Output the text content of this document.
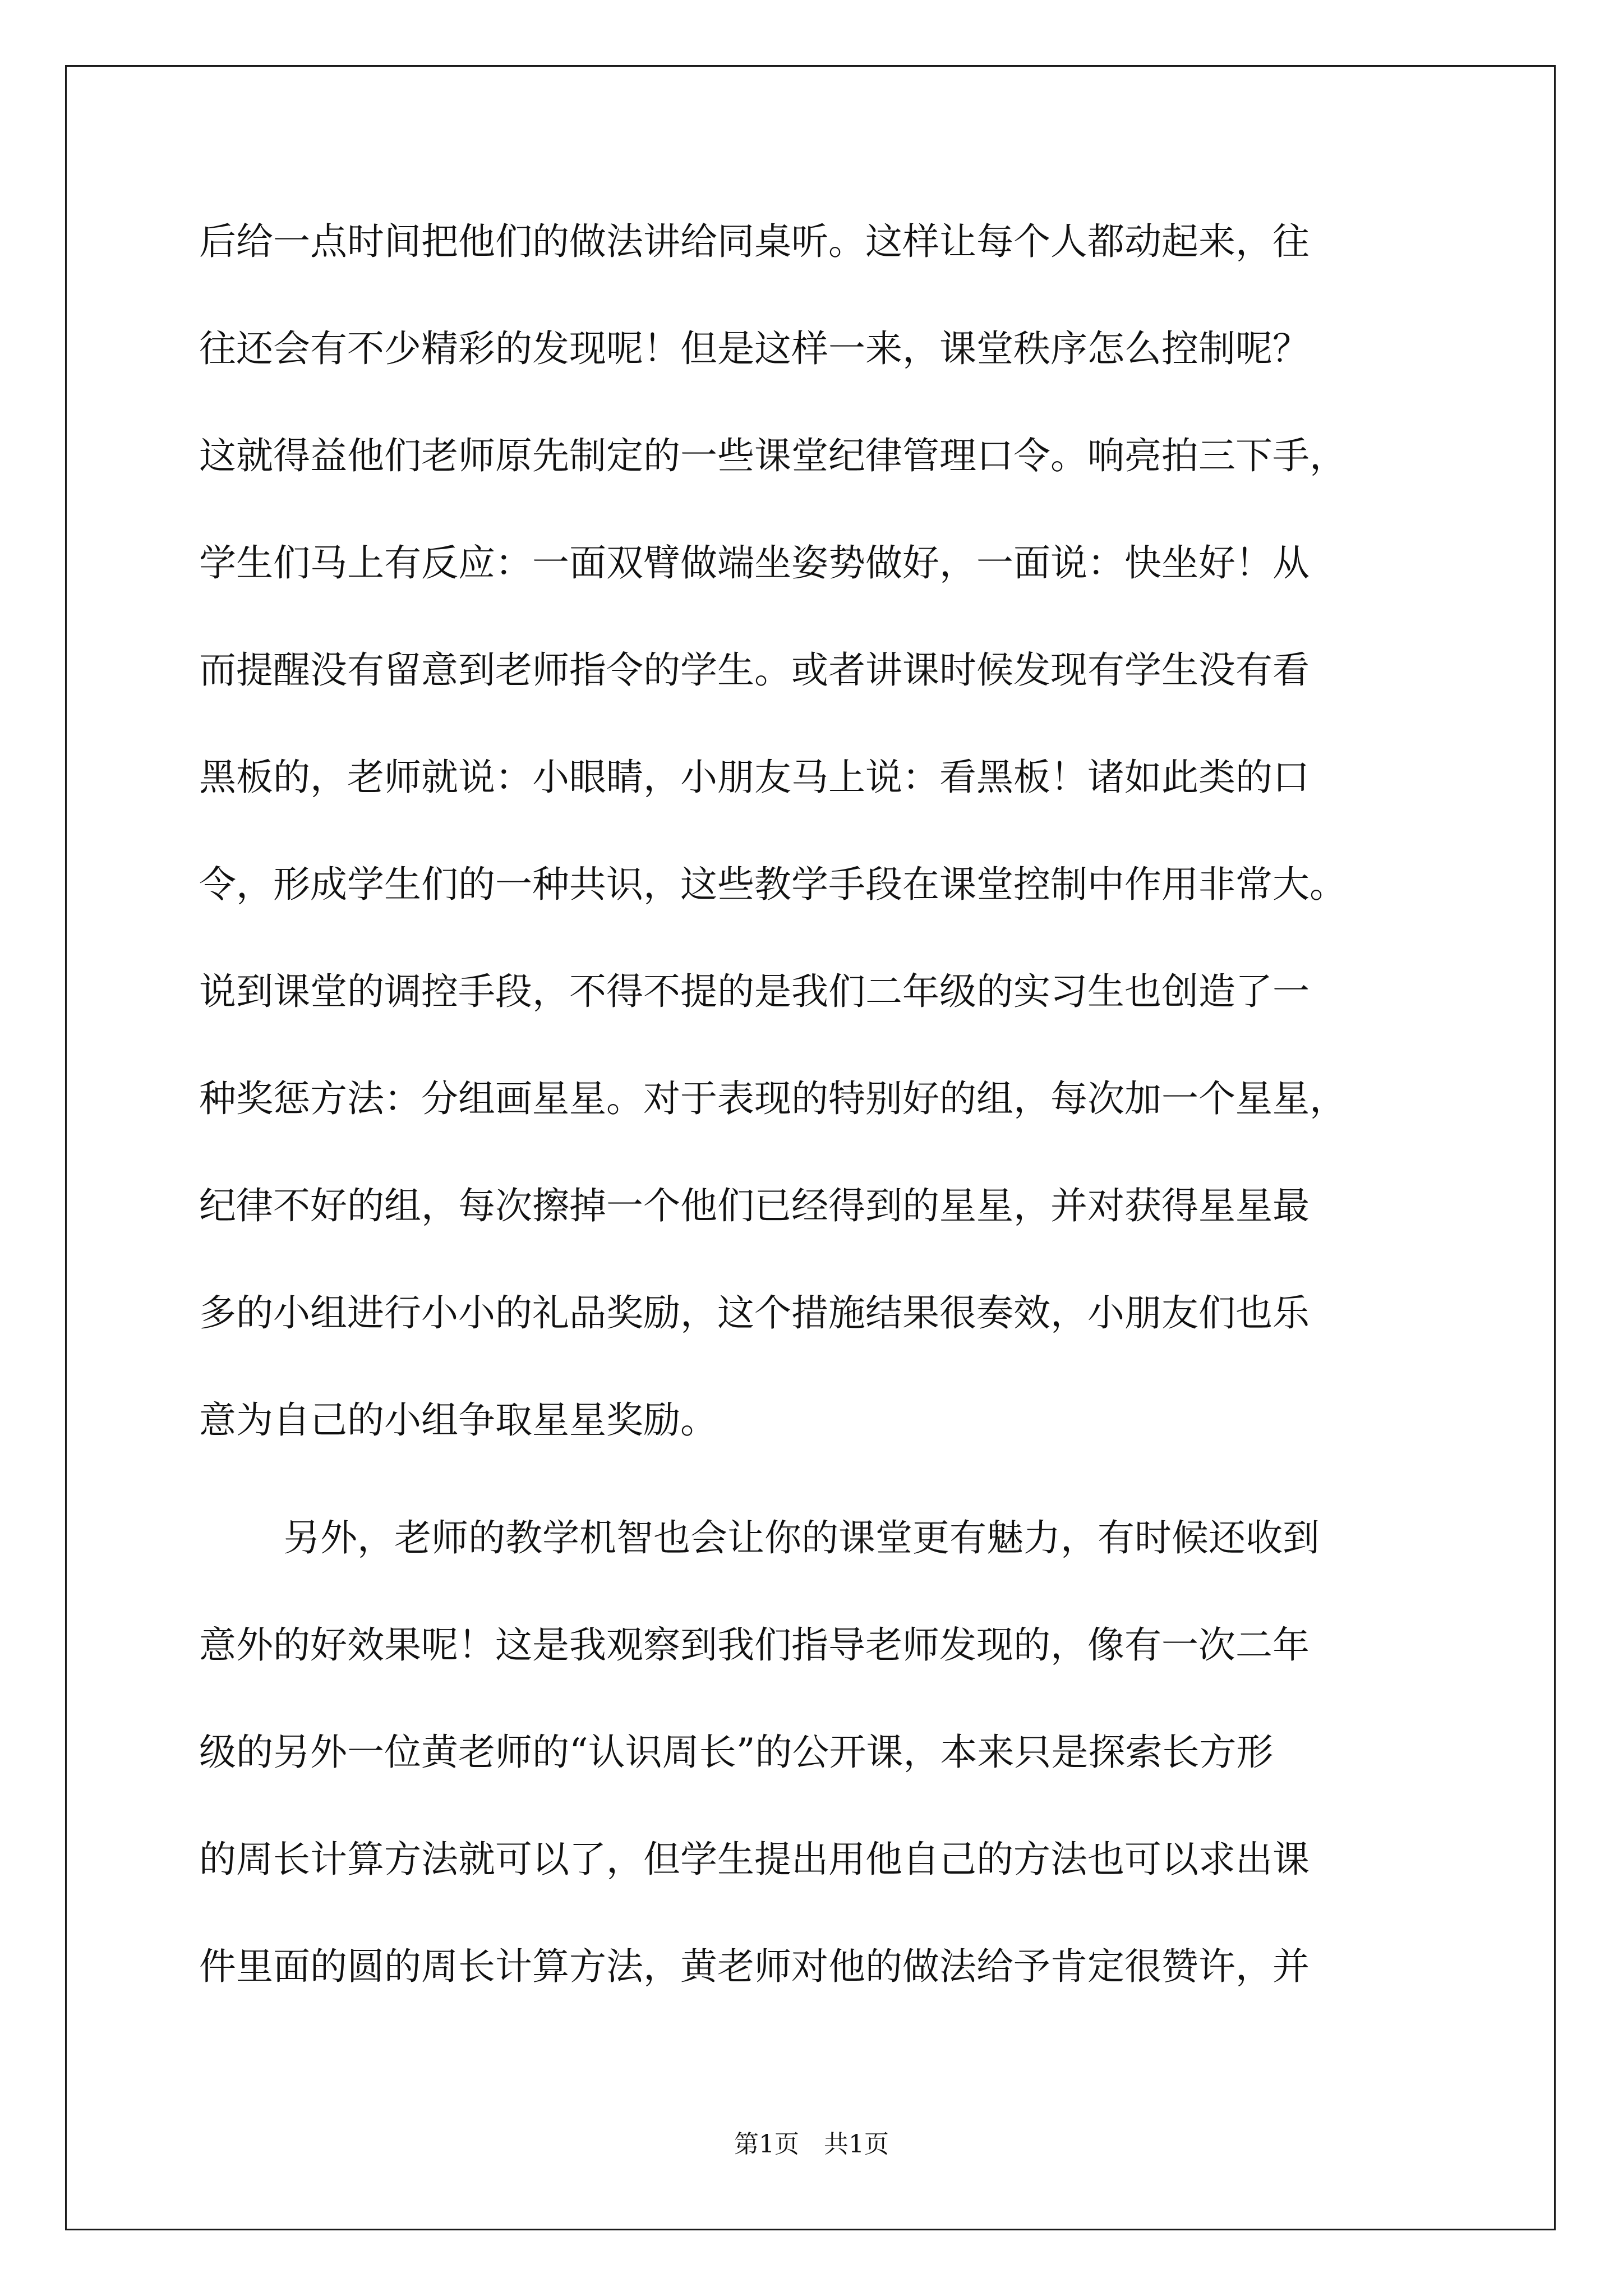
后给一点时间把他们的做法讲给同桌听。这样让每个人都动起来，往
往还会有不少精彩的发现呢！但是这样一来，课堂秩序怎么控制呢？
这就得益他们老师原先制定的一些课堂纪律管理口令。响亮拍三下手，
学生们马上有反应：一面双臂做端坐姿势做好，一面说：快坐好！从
而提醒没有留意到老师指令的学生。或者讲课时候发现有学生没有看
黑板的，老师就说：小眼睛，小朋友马上说：看黑板！诸如此类的口
令，形成学生们的一种共识，这些教学手段在课堂控制中作用非常大。
说到课堂的调控手段，不得不提的是我们二年级的实习生也创造了一
种奖惩方法：分组画星星。对于表现的特别好的组，每次加一个星星，
纪律不好的组，每次擦掉一个他们已经得到的星星，并对获得星星最
多的小组进行小小的礼品奖励，这个措施结果很奏效，小朋友们也乐
意为自己的小组争取星星奖励。
另外，老师的教学机智也会让你的课堂更有魅力，有时候还收到
意外的好效果呢！这是我观察到我们指导老师发现的，像有一次二年
级的另外一位黄老师的“认识周长”的公开课，本来只是探索长方形
的周长计算方法就可以了，但学生提出用他自己的方法也可以求出课
件里面的圆的周长计算方法，黄老师对他的做法给予肯定很赞许，并
第1页　共1页
